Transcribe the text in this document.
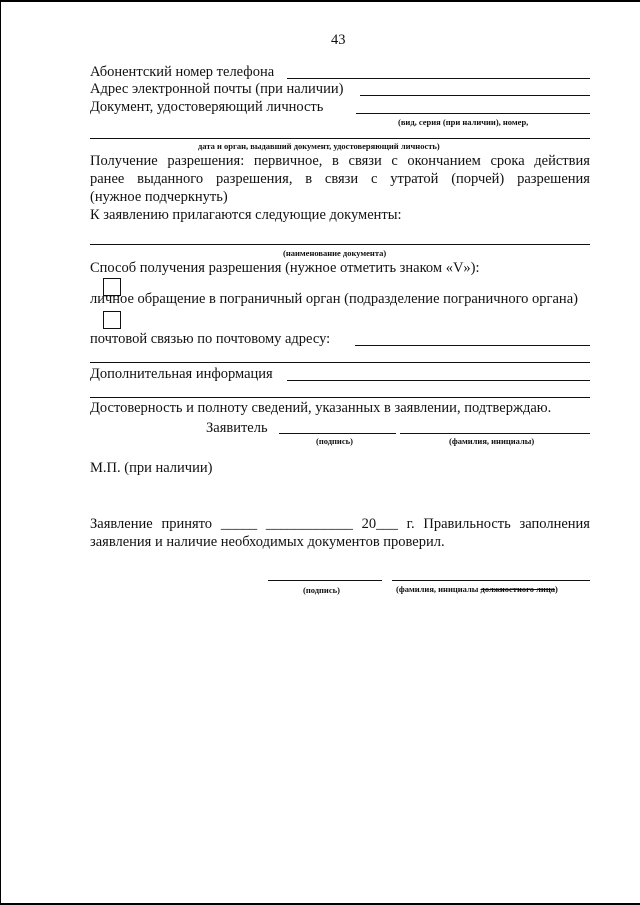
43
Абонентский номер телефона
Адрес электронной почты (при наличии)
Документ, удостоверяющий личность
(вид, серия (при наличии), номер,
дата и орган, выдавший документ, удостоверяющий личность)
Получение разрешения: первичное, в связи с окончанием срока действия
ранее выданного разрешения, в связи с утратой (порчей) разрешения
(нужное подчеркнуть)
К заявлению прилагаются следующие документы:
(наименование документа)
Способ получения разрешения (нужное отметить знаком «V»):
личное обращение в пограничный орган (подразделение пограничного органа)
почтовой связью по почтовому адресу:
Дополнительная информация
Достоверность и полноту сведений, указанных в заявлении, подтверждаю.
Заявитель
(подпись)	(фамилия, инициалы)
М.П. (при наличии)
Заявление принято _____ ____________ 20___ г. Правильность заполнения
заявления и наличие необходимых документов проверил.
(подпись)	(фамилия, инициалы должностного лица)
